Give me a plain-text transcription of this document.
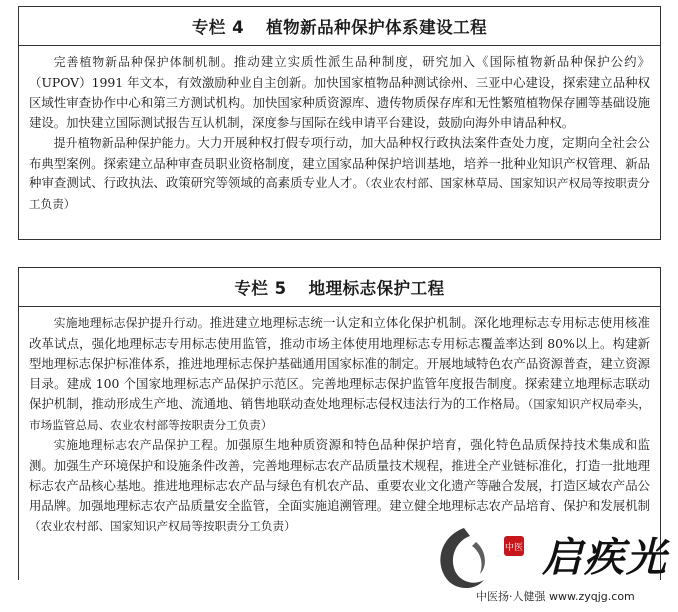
专栏 4 植物新品种保护体系建设工程

完善植物新品种保护体制机制。推动建立实质性派生品种制度，研究加入《国际植物新品种保护公约》（UPOV）1991 年文本，有效激励种业自主创新。加快国家植物品种测试徐州、三亚中心建设，探索建立品种权区域性审查协作中心和第三方测试机构。加快国家种质资源库、遗传物质保存库和无性繁殖植物保存圃等基础设施建设。加快建立国际测试报告互认机制，深度参与国际在线申请平台建设，鼓励向海外申请品种权。

提升植物新品种保护能力。大力开展种权打假专项行动，加大品种权行政执法案件查处力度，定期向全社会公布典型案例。探索建立品种审查员职业资格制度，建立国家品种保护培训基地，培养一批种业知识产权管理、新品种审查测试、行政执法、政策研究等领域的高素质专业人才。（农业农村部、国家林草局、国家知识产权局等按职责分工负责）

专栏 5 地理标志保护工程

实施地理标志保护提升行动。推进建立地理标志统一认定和立体化保护机制。深化地理标志专用标志使用核准改革试点，强化地理标志专用标志使用监管，推动市场主体使用地理标志专用标志覆盖率达到 80%以上。构建新型地理标志保护标准体系，推进地理标志保护基础通用国家标准的制定。开展地域特色农产品资源普查，建立资源目录。建成 100 个国家地理标志产品保护示范区。完善地理标志保护监管年度报告制度。探索建立地理标志联动保护机制，推动形成生产地、流通地、销售地联动查处地理标志侵权违法行为的工作格局。（国家知识产权局牵头，市场监管总局、农业农村部等按职责分工负责）

实施地理标志农产品保护工程。加强原生地种质资源和特色品种保护培育，强化特色品质保持技术集成和监测。加强生产环境保护和设施条件改善，完善地理标志农产品质量技术规程，推进全产业链标准化，打造一批地理标志农产品核心基地。推进地理标志农产品与绿色有机农产品、重要农业文化遗产等融合发展，打造区域农产品公用品牌。加强地理标志农产品质量安全监管，全面实施追溯管理。建立健全地理标志农产品培育、保护和发展机制（农业农村部、国家知识产权局等按职责分工负责）

中医 启疾光
中医扬·人健强 www.zyqjg.com
